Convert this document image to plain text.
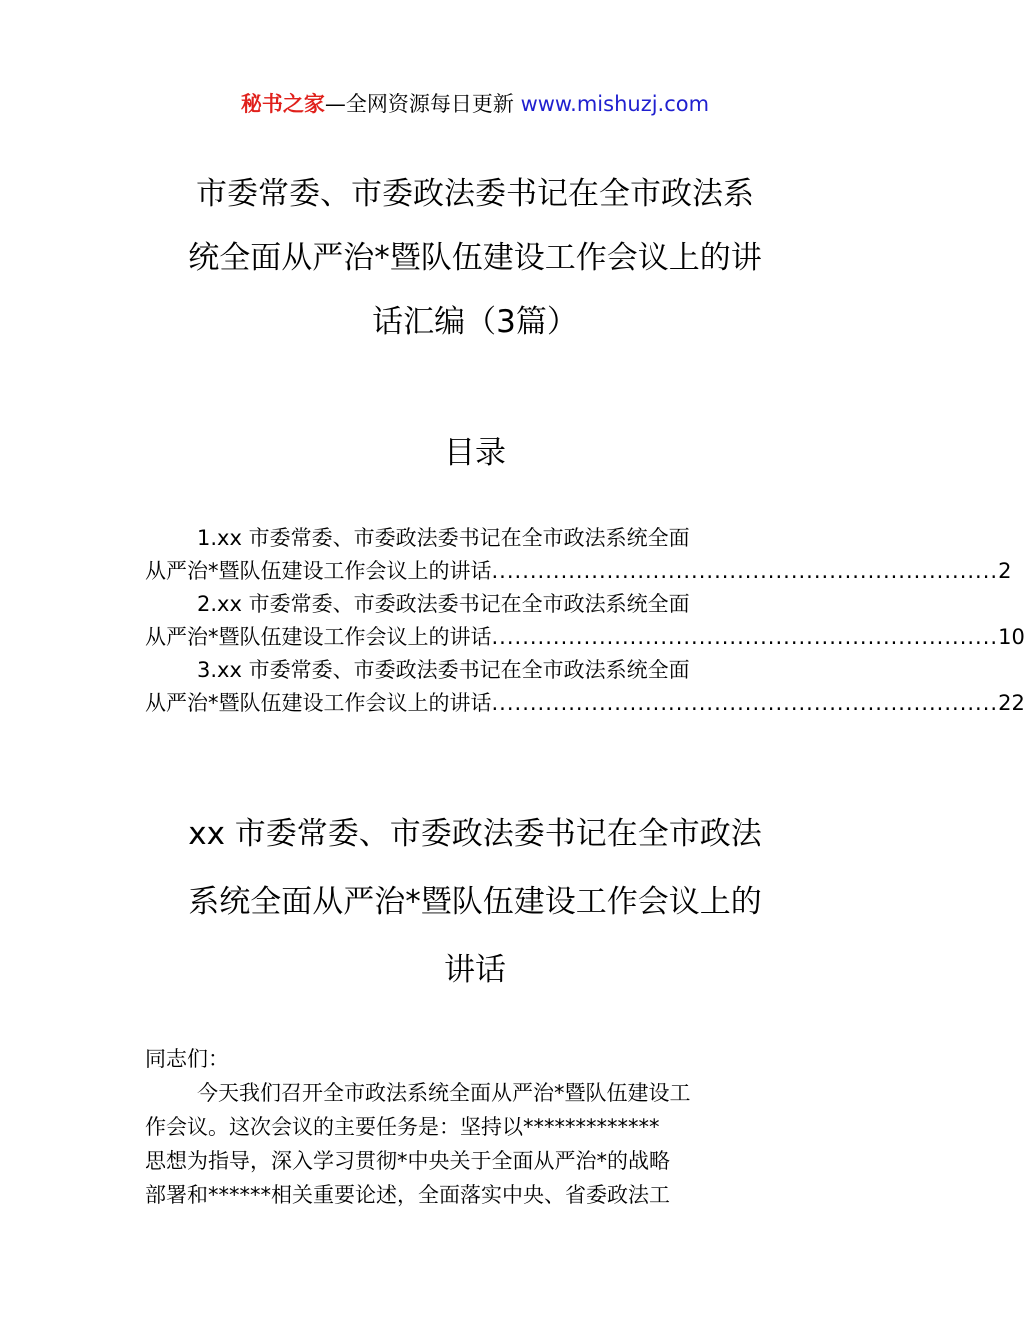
秘书之家—全网资源每日更新 www.mishuzj.com
市委常委、市委政法委书记在全市政法系
统全面从严治*暨队伍建设工作会议上的讲
话汇编（3篇）
目录
1.xx 市委常委、市委政法委书记在全市政法系统全面
从严治*暨队伍建设工作会议上的讲话 .................................................................. 2
2.xx 市委常委、市委政法委书记在全市政法系统全面
从严治*暨队伍建设工作会议上的讲话 .................................................................. 10
3.xx 市委常委、市委政法委书记在全市政法系统全面
从严治*暨队伍建设工作会议上的讲话 .................................................................. 22
xx 市委常委、市委政法委书记在全市政法
系统全面从严治*暨队伍建设工作会议上的
讲话
同志们：
今天我们召开全市政法系统全面从严治*暨队伍建设工
作会议。这次会议的主要任务是：坚持以*************
思想为指导，深入学习贯彻*中央关于全面从严治*的战略
部署和******相关重要论述，全面落实中央、省委政法工
